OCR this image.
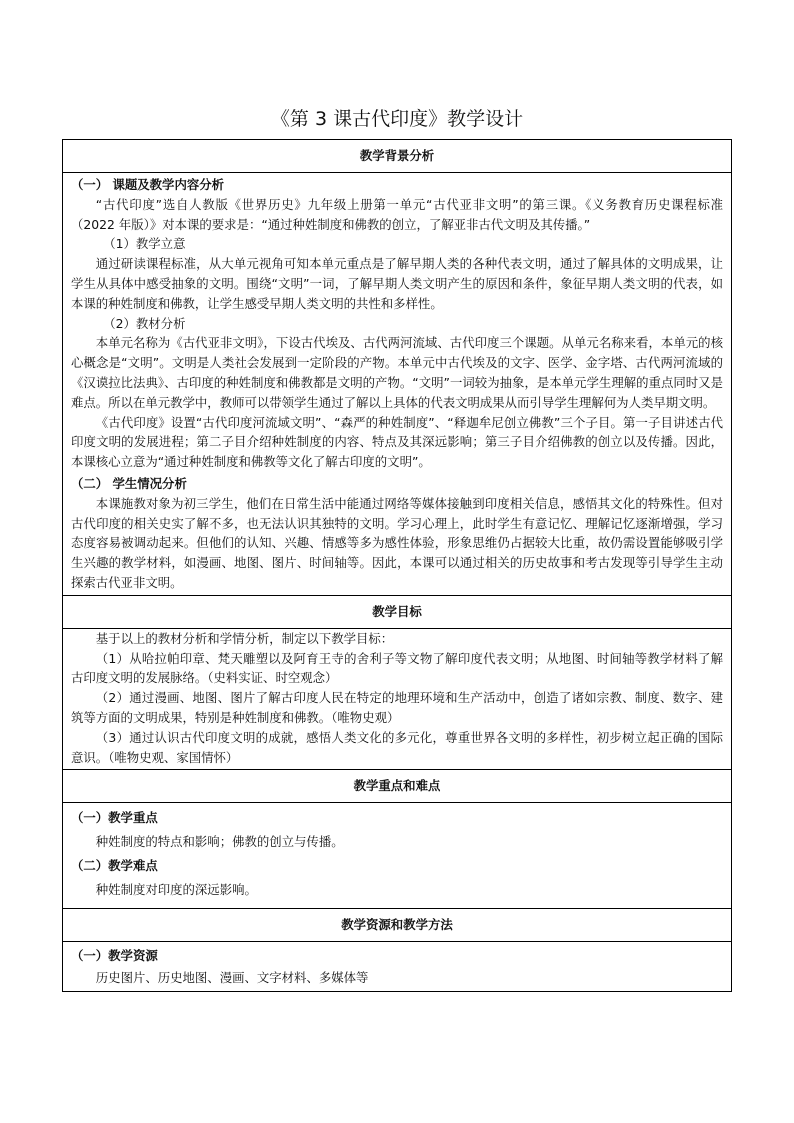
《第 3 课古代印度》教学设计
教学背景分析

（一） 课题及教学内容分析

“古代印度”选自人教版《世界历史》九年级上册第一单元“古代亚非文明”的第三课。《义务教育历史课程标准（2022 年版）》对本课的要求是：“通过种姓制度和佛教的创立，了解亚非古代文明及其传播。”

（1）教学立意

通过研读课程标准，从大单元视角可知本单元重点是了解早期人类的各种代表文明，通过了解具体的文明成果，让学生从具体中感受抽象的文明。围绕“文明”一词，了解早期人类文明产生的原因和条件，象征早期人类文明的代表，如本课的种姓制度和佛教，让学生感受早期人类文明的共性和多样性。

（2）教材分析

本单元名称为《古代亚非文明》，下设古代埃及、古代两河流域、古代印度三个课题。从单元名称来看，本单元的核心概念是“文明”。文明是人类社会发展到一定阶段的产物。本单元中古代埃及的文字、医学、金字塔、古代两河流域的《汉谟拉比法典》、古印度的种姓制度和佛教都是文明的产物。“文明”一词较为抽象，是本单元学生理解的重点同时又是难点。所以在单元教学中，教师可以带领学生通过了解以上具体的代表文明成果从而引导学生理解何为人类早期文明。

《古代印度》设置“古代印度河流域文明”、“森严的种姓制度”、“释迦牟尼创立佛教”三个子目。第一子目讲述古代印度文明的发展进程；第二子目介绍种姓制度的内容、特点及其深远影响；第三子目介绍佛教的创立以及传播。因此，本课核心立意为“通过种姓制度和佛教等文化了解古印度的文明”。

（二） 学生情况分析

本课施教对象为初三学生，他们在日常生活中能通过网络等媒体接触到印度相关信息，感悟其文化的特殊性。但对古代印度的相关史实了解不多，也无法认识其独特的文明。学习心理上，此时学生有意记忆、理解记忆逐渐增强，学习态度容易被调动起来。但他们的认知、兴趣、情感等多为感性体验，形象思维仍占据较大比重，故仍需设置能够吸引学生兴趣的教学材料，如漫画、地图、图片、时间轴等。因此，本课可以通过相关的历史故事和考古发现等引导学生主动探索古代亚非文明。

教学目标

基于以上的教材分析和学情分析，制定以下教学目标：

（1）从哈拉帕印章、梵天雕塑以及阿育王寺的舍利子等文物了解印度代表文明；从地图、时间轴等教学材料了解古印度文明的发展脉络。（史料实证、时空观念）

（2）通过漫画、地图、图片了解古印度人民在特定的地理环境和生产活动中，创造了诸如宗教、制度、数字、建筑等方面的文明成果，特别是种姓制度和佛教。（唯物史观）

（3）通过认识古代印度文明的成就，感悟人类文化的多元化，尊重世界各文明的多样性，初步树立起正确的国际意识。（唯物史观、家国情怀）

教学重点和难点

（一）教学重点
种姓制度的特点和影响；佛教的创立与传播。
（二）教学难点
种姓制度对印度的深远影响。

教学资源和教学方法

（一）教学资源
历史图片、历史地图、漫画、文字材料、多媒体等
